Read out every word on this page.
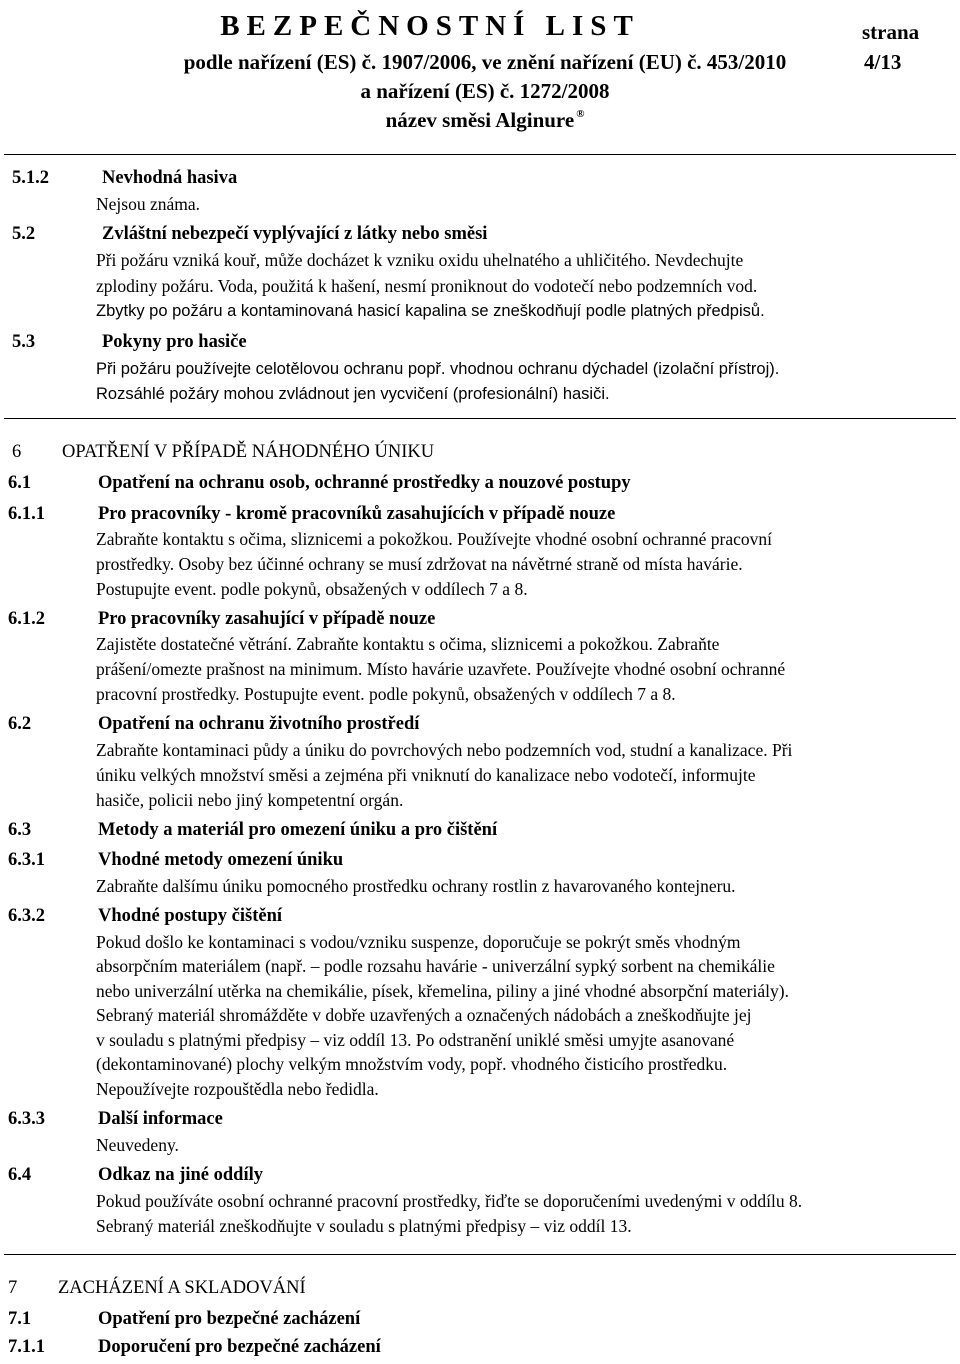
BEZPEČNOSTNÍ LIST
podle nařízení (ES) č. 1907/2006, ve znění nařízení (EU) č. 453/2010
a nařízení (ES) č. 1272/2008
název směsi Alginure ®
strana
4/13
5.1.2	Nevhodná hasiva
Nejsou známa.
5.2	Zvláštní nebezpečí vyplývající z látky nebo směsi
Při požáru vzniká kouř, může docházet k vzniku oxidu uhelnatého a uhličitého. Nevdechujte
zplodiny požáru. Voda, použitá k hašení, nesmí proniknout do vodotečí nebo podzemních vod.
Zbytky po požáru a kontaminovaná hasicí kapalina se zneškodňují podle platných předpisů.
5.3	Pokyny pro hasiče
Při požáru používejte celotělovou ochranu popř. vhodnou ochranu dýchadel (izolační přístroj).
Rozsáhlé požáry mohou zvládnout jen vycvičení (profesionální) hasiči.
6 OPATŘENÍ V PŘÍPADĚ NÁHODNÉHO ÚNIKU
6.1	Opatření na ochranu osob, ochranné prostředky a nouzové postupy
6.1.1	Pro pracovníky - kromě pracovníků zasahujících v případě nouze
Zabraňte kontaktu s očima, sliznicemi a pokožkou. Používejte vhodné osobní ochranné pracovní
prostředky. Osoby bez účinné ochrany se musí zdržovat na návětrné straně od místa havárie.
Postupujte event. podle pokynů, obsažených v oddílech 7 a 8.
6.1.2	Pro pracovníky zasahující v případě nouze
Zajistěte dostatečné větrání. Zabraňte kontaktu s očima, sliznicemi a pokožkou. Zabraňte
prášení/omezte prašnost na minimum. Místo havárie uzavřete. Používejte vhodné osobní ochranné
pracovní prostředky. Postupujte event. podle pokynů, obsažených v oddílech 7 a 8.
6.2	Opatření na ochranu životního prostředí
Zabraňte kontaminaci půdy a úniku do povrchových nebo podzemních vod, studní a kanalizace. Při
úniku velkých množství směsi a zejména při vniknutí do kanalizace nebo vodotečí, informujte
hasiče, policii nebo jiný kompetentní orgán.
6.3	Metody a materiál pro omezení úniku a pro čištění
6.3.1	Vhodné metody omezení úniku
Zabraňte dalšímu úniku pomocného prostředku ochrany rostlin z havarovaného kontejneru.
6.3.2	Vhodné postupy čištění
Pokud došlo ke kontaminaci s vodou/vzniku suspenze, doporučuje se pokrýt směs vhodným
absorpčním materiálem (např. – podle rozsahu havárie - univerzální sypký sorbent na chemikálie
nebo univerzální utěrka na chemikálie, písek, křemelina, piliny a jiné vhodné absorpční materiály).
Sebraný materiál shromážděte v dobře uzavřených a označených nádobách a zneškodňujte jej
v souladu s platnými předpisy – viz oddíl 13. Po odstranění uniklé směsi umyjte asanované
(dekontaminované) plochy velkým množstvím vody, popř. vhodného čisticího prostředku.
Nepoužívejte rozpouštědla nebo ředidla.
6.3.3	Další informace
Neuvedeny.
6.4	Odkaz na jiné oddíly
Pokud používáte osobní ochranné pracovní prostředky, řiďte se doporučeními uvedenými v oddílu 8.
Sebraný materiál zneškodňujte v souladu s platnými předpisy – viz oddíl 13.
7 ZACHÁZENÍ A SKLADOVÁNÍ
7.1	Opatření pro bezpečné zacházení
7.1.1	Doporučení pro bezpečné zacházení
